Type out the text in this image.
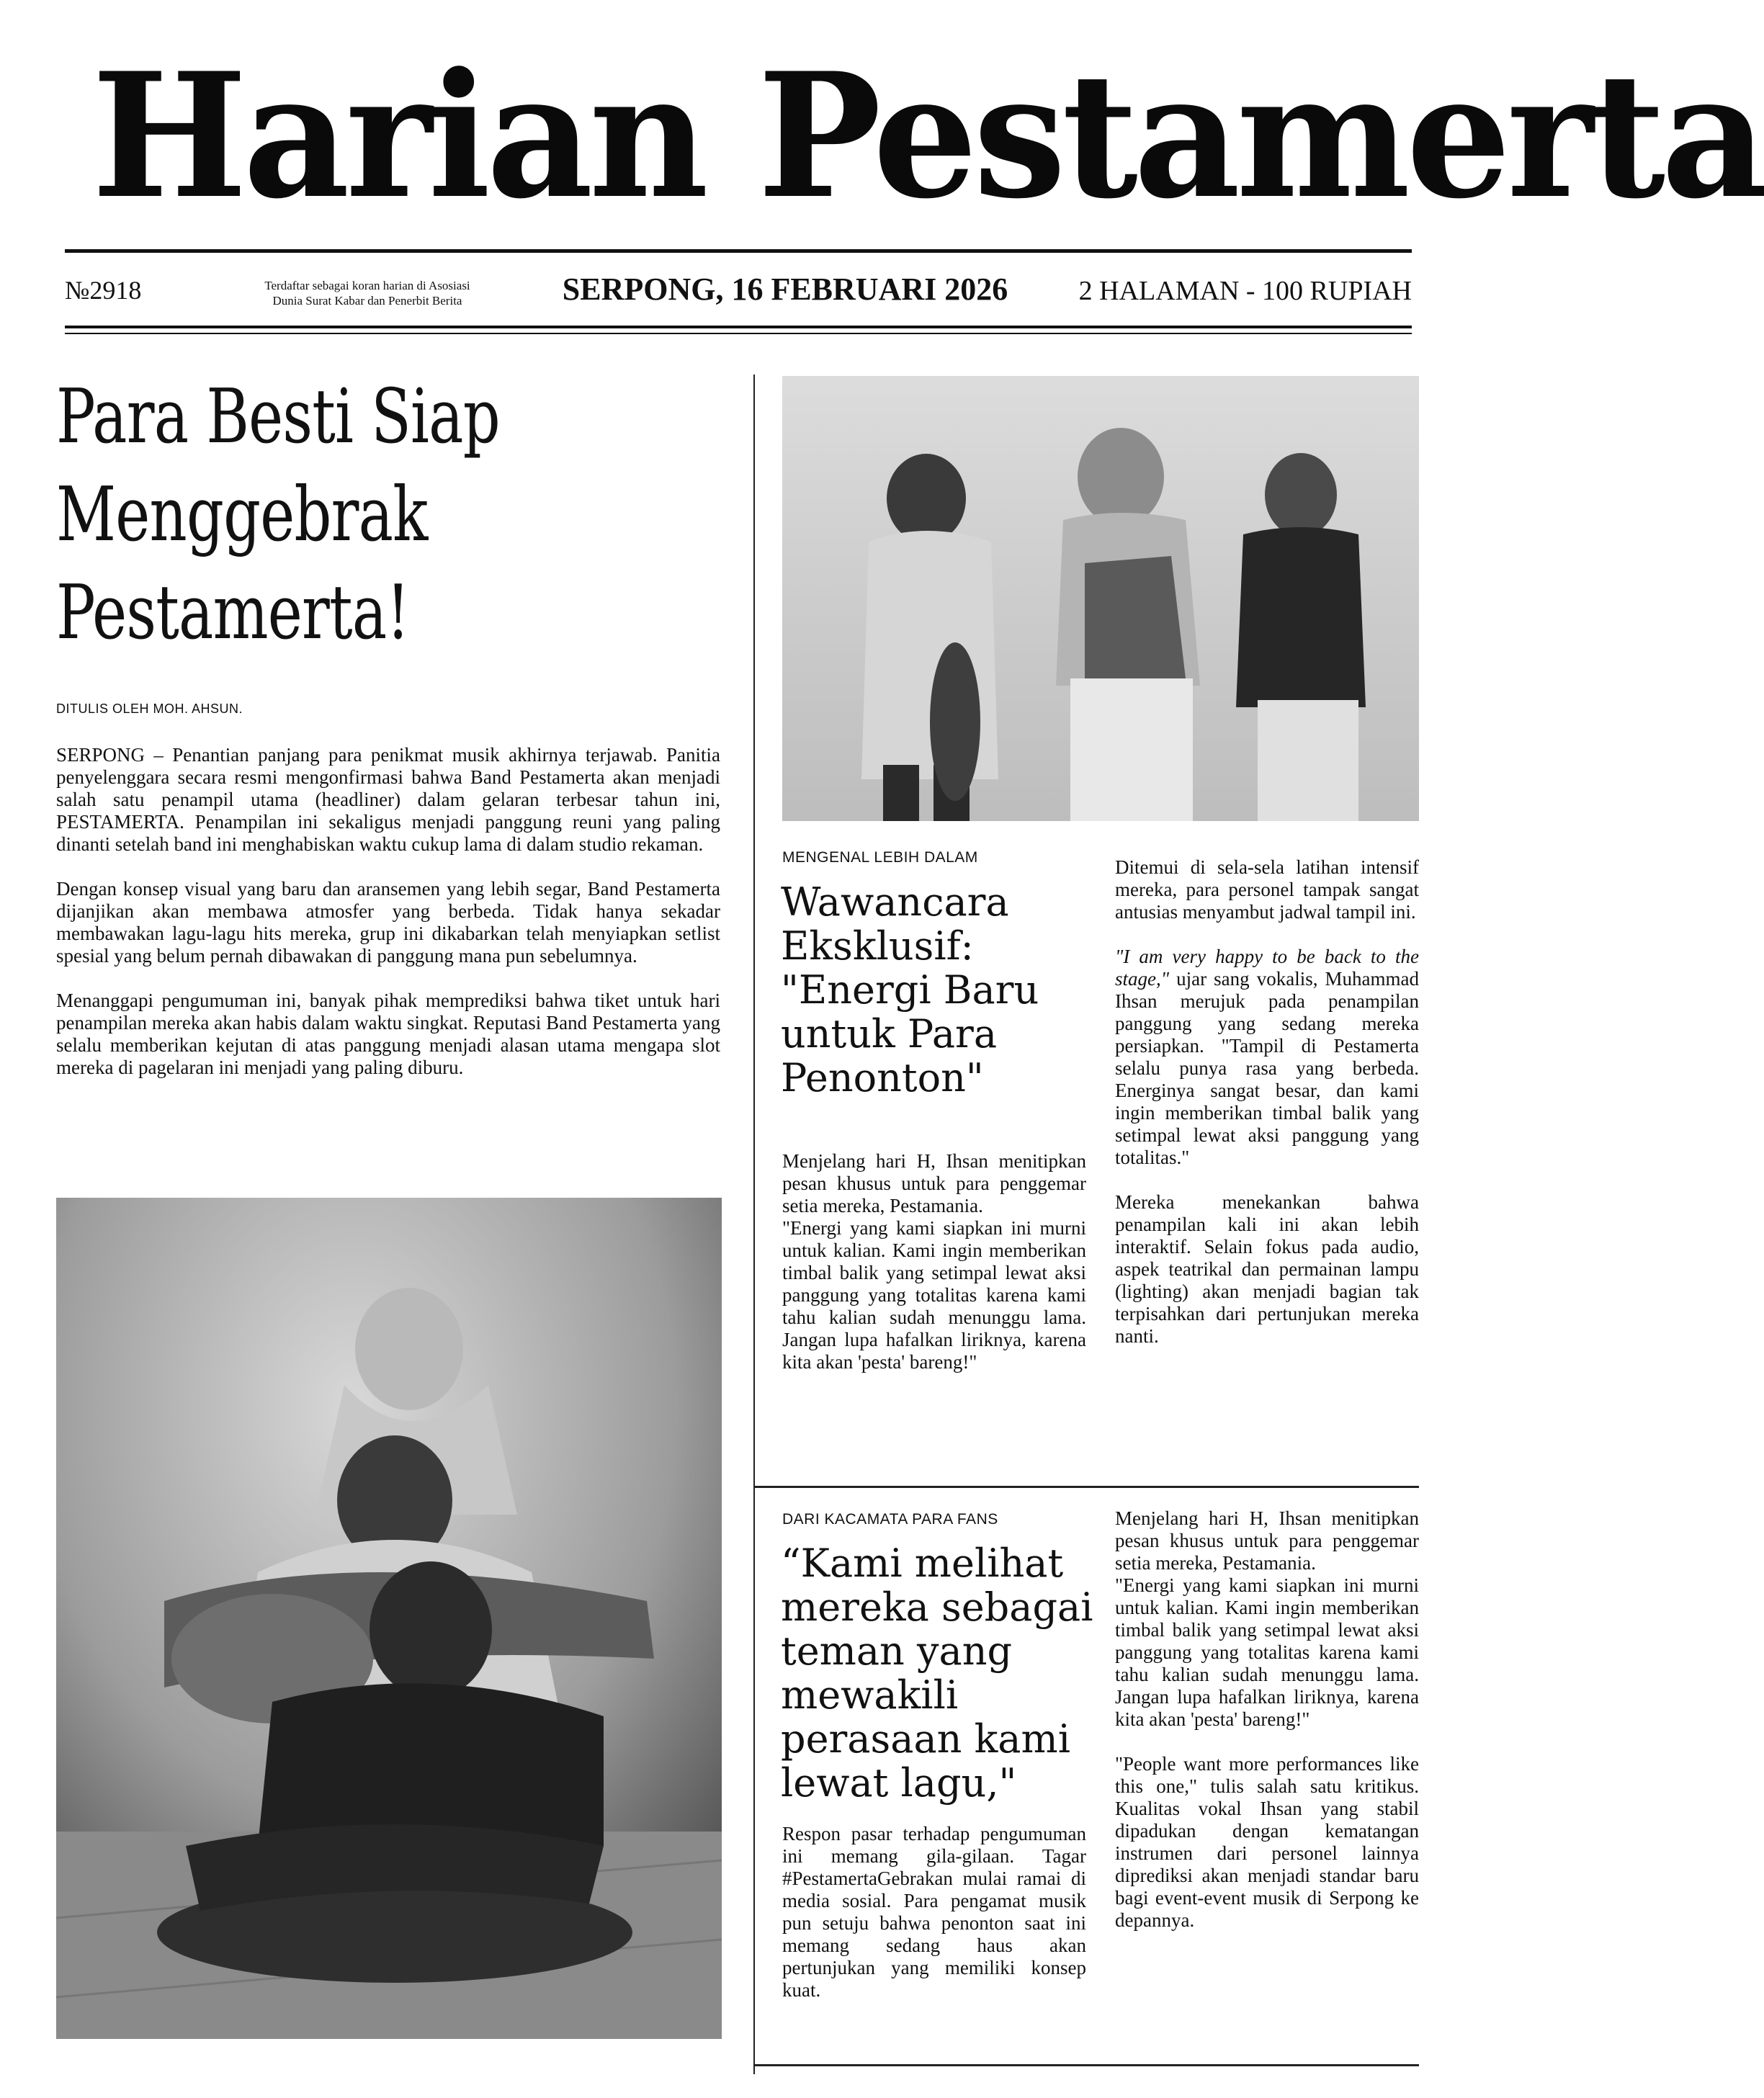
Harian Pestamerta
№2918	Terdaftar sebagai koran harian di Asosiasi
Dunia Surat Kabar dan Penerbit Berita	SERPONG, 16 FEBRUARI 2026	2 HALAMAN - 100 RUPIAH
Para Besti Siap
Menggebrak
Pestamerta!
DITULIS OLEH MOH. AHSUN.

SERPONG – Penantian panjang para penikmat musik akhirnya terjawab. Panitia penyelenggara secara resmi mengonfirmasi bahwa Band Pestamerta akan menjadi salah satu penampil utama (headliner) dalam gelaran terbesar tahun ini, PESTAMERTA. Penampilan ini sekaligus menjadi panggung reuni yang paling dinanti setelah band ini menghabiskan waktu cukup lama di dalam studio rekaman.

Dengan konsep visual yang baru dan aransemen yang lebih segar, Band Pestamerta dijanjikan akan membawa atmosfer yang berbeda. Tidak hanya sekadar membawakan lagu-lagu hits mereka, grup ini dikabarkan telah menyiapkan setlist spesial yang belum pernah dibawakan di panggung mana pun sebelumnya.

Menanggapi pengumuman ini, banyak pihak memprediksi bahwa tiket untuk hari penampilan mereka akan habis dalam waktu singkat. Reputasi Band Pestamerta yang selalu memberikan kejutan di atas panggung menjadi alasan utama mengapa slot mereka di pagelaran ini menjadi yang paling diburu.

MENGENAL LEBIH DALAM
Wawancara Eksklusif: "Energi Baru untuk Para Penonton"
Menjelang hari H, Ihsan menitipkan pesan khusus untuk para penggemar setia mereka, Pestamania.
"Energi yang kami siapkan ini murni untuk kalian. Kami ingin memberikan timbal balik yang setimpal lewat aksi panggung yang totalitas karena kami tahu kalian sudah menunggu lama. Jangan lupa hafalkan liriknya, karena kita akan 'pesta' bareng!"

Ditemui di sela-sela latihan intensif mereka, para personel tampak sangat antusias menyambut jadwal tampil ini.

"I am very happy to be back to the stage," ujar sang vokalis, Muhammad Ihsan merujuk pada penampilan panggung yang sedang mereka persiapkan. "Tampil di Pestamerta selalu punya rasa yang berbeda. Energinya sangat besar, dan kami ingin memberikan timbal balik yang setimpal lewat aksi panggung yang totalitas."

Mereka menekankan bahwa penampilan kali ini akan lebih interaktif. Selain fokus pada audio, aspek teatrikal dan permainan lampu (lighting) akan menjadi bagian tak terpisahkan dari pertunjukan mereka nanti.

DARI KACAMATA PARA FANS
“Kami melihat mereka sebagai teman yang mewakili perasaan kami lewat lagu,"

Respon pasar terhadap pengumuman ini memang gila-gilaan. Tagar #PestamertaGebrakan mulai ramai di media sosial. Para pengamat musik pun setuju bahwa penonton saat ini memang sedang haus akan pertunjukan yang memiliki konsep kuat.

Menjelang hari H, Ihsan menitipkan pesan khusus untuk para penggemar setia mereka, Pestamania.

"Energi yang kami siapkan ini murni untuk kalian. Kami ingin memberikan timbal balik yang setimpal lewat aksi panggung yang totalitas karena kami tahu kalian sudah menunggu lama. Jangan lupa hafalkan liriknya, karena kita akan 'pesta' bareng!"

"People want more performances like this one," tulis salah satu kritikus. Kualitas vokal Ihsan yang stabil dipadukan dengan kematangan instrumen dari personel lainnya diprediksi akan menjadi standar baru bagi event-event musik di Serpong ke depannya.
